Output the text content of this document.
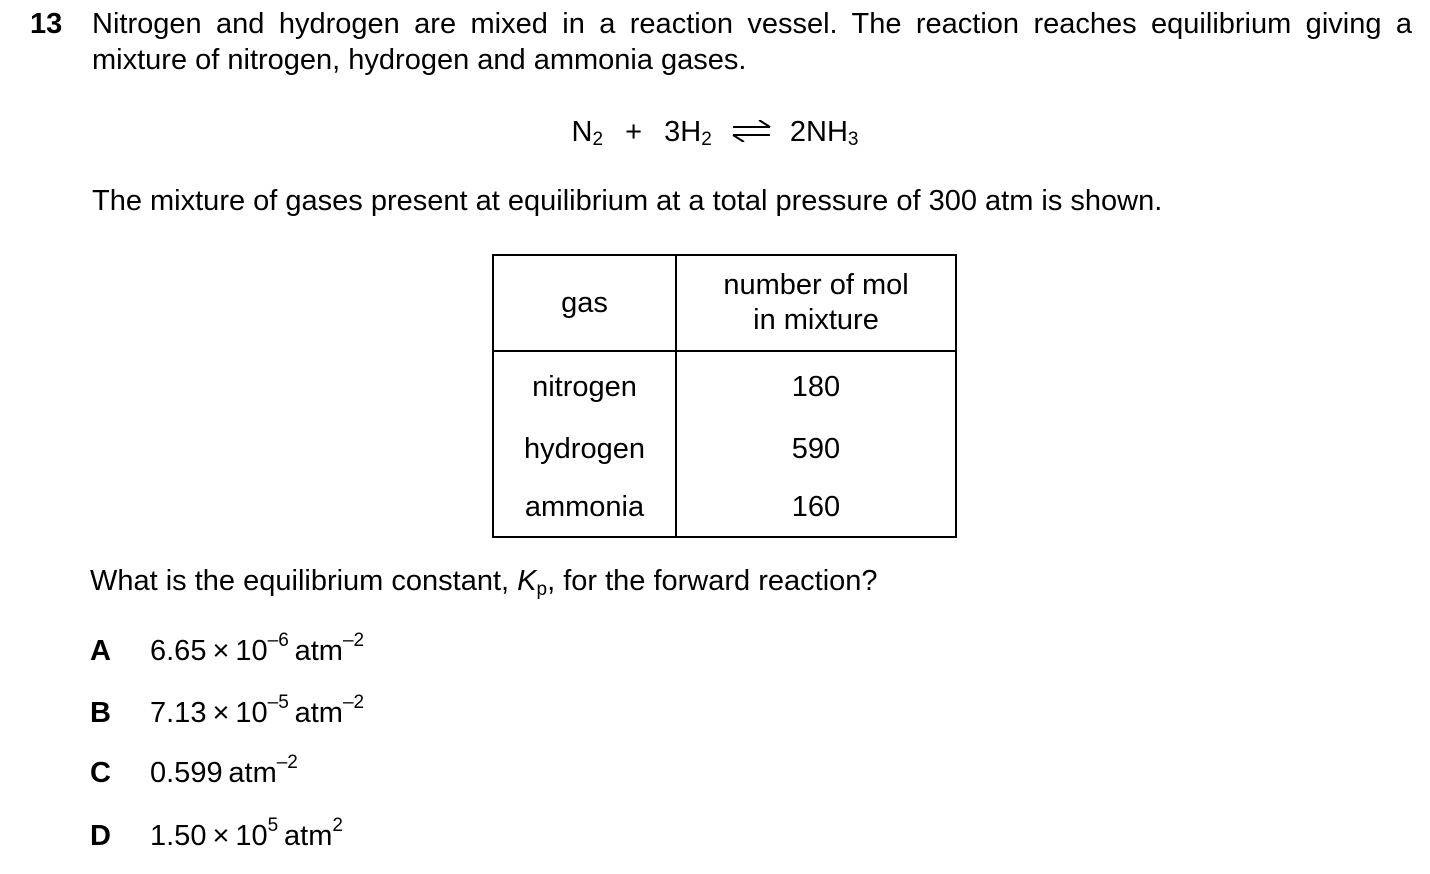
13 Nitrogen and hydrogen are mixed in a reaction vessel. The reaction reaches equilibrium giving a mixture of nitrogen, hydrogen and ammonia gases.
$N_2 + 3H_2$ ⇌ $2NH_3$
The mixture of gases present at equilibrium at a total pressure of 300 atm is shown.
gas	number of mol
in mixture

nitrogen	180
hydrogen	590
ammonia	160
What is the equilibrium constant, $K_p$, for the forward reaction?
A $6.65 \times 10^{-6}$  atm$^{-2}$
B $7.13 \times 10^{-5}$  atm$^{-2}$
C 0.599  atm$^{-2}$
D $1.50 \times 10^5$  atm$^2$
